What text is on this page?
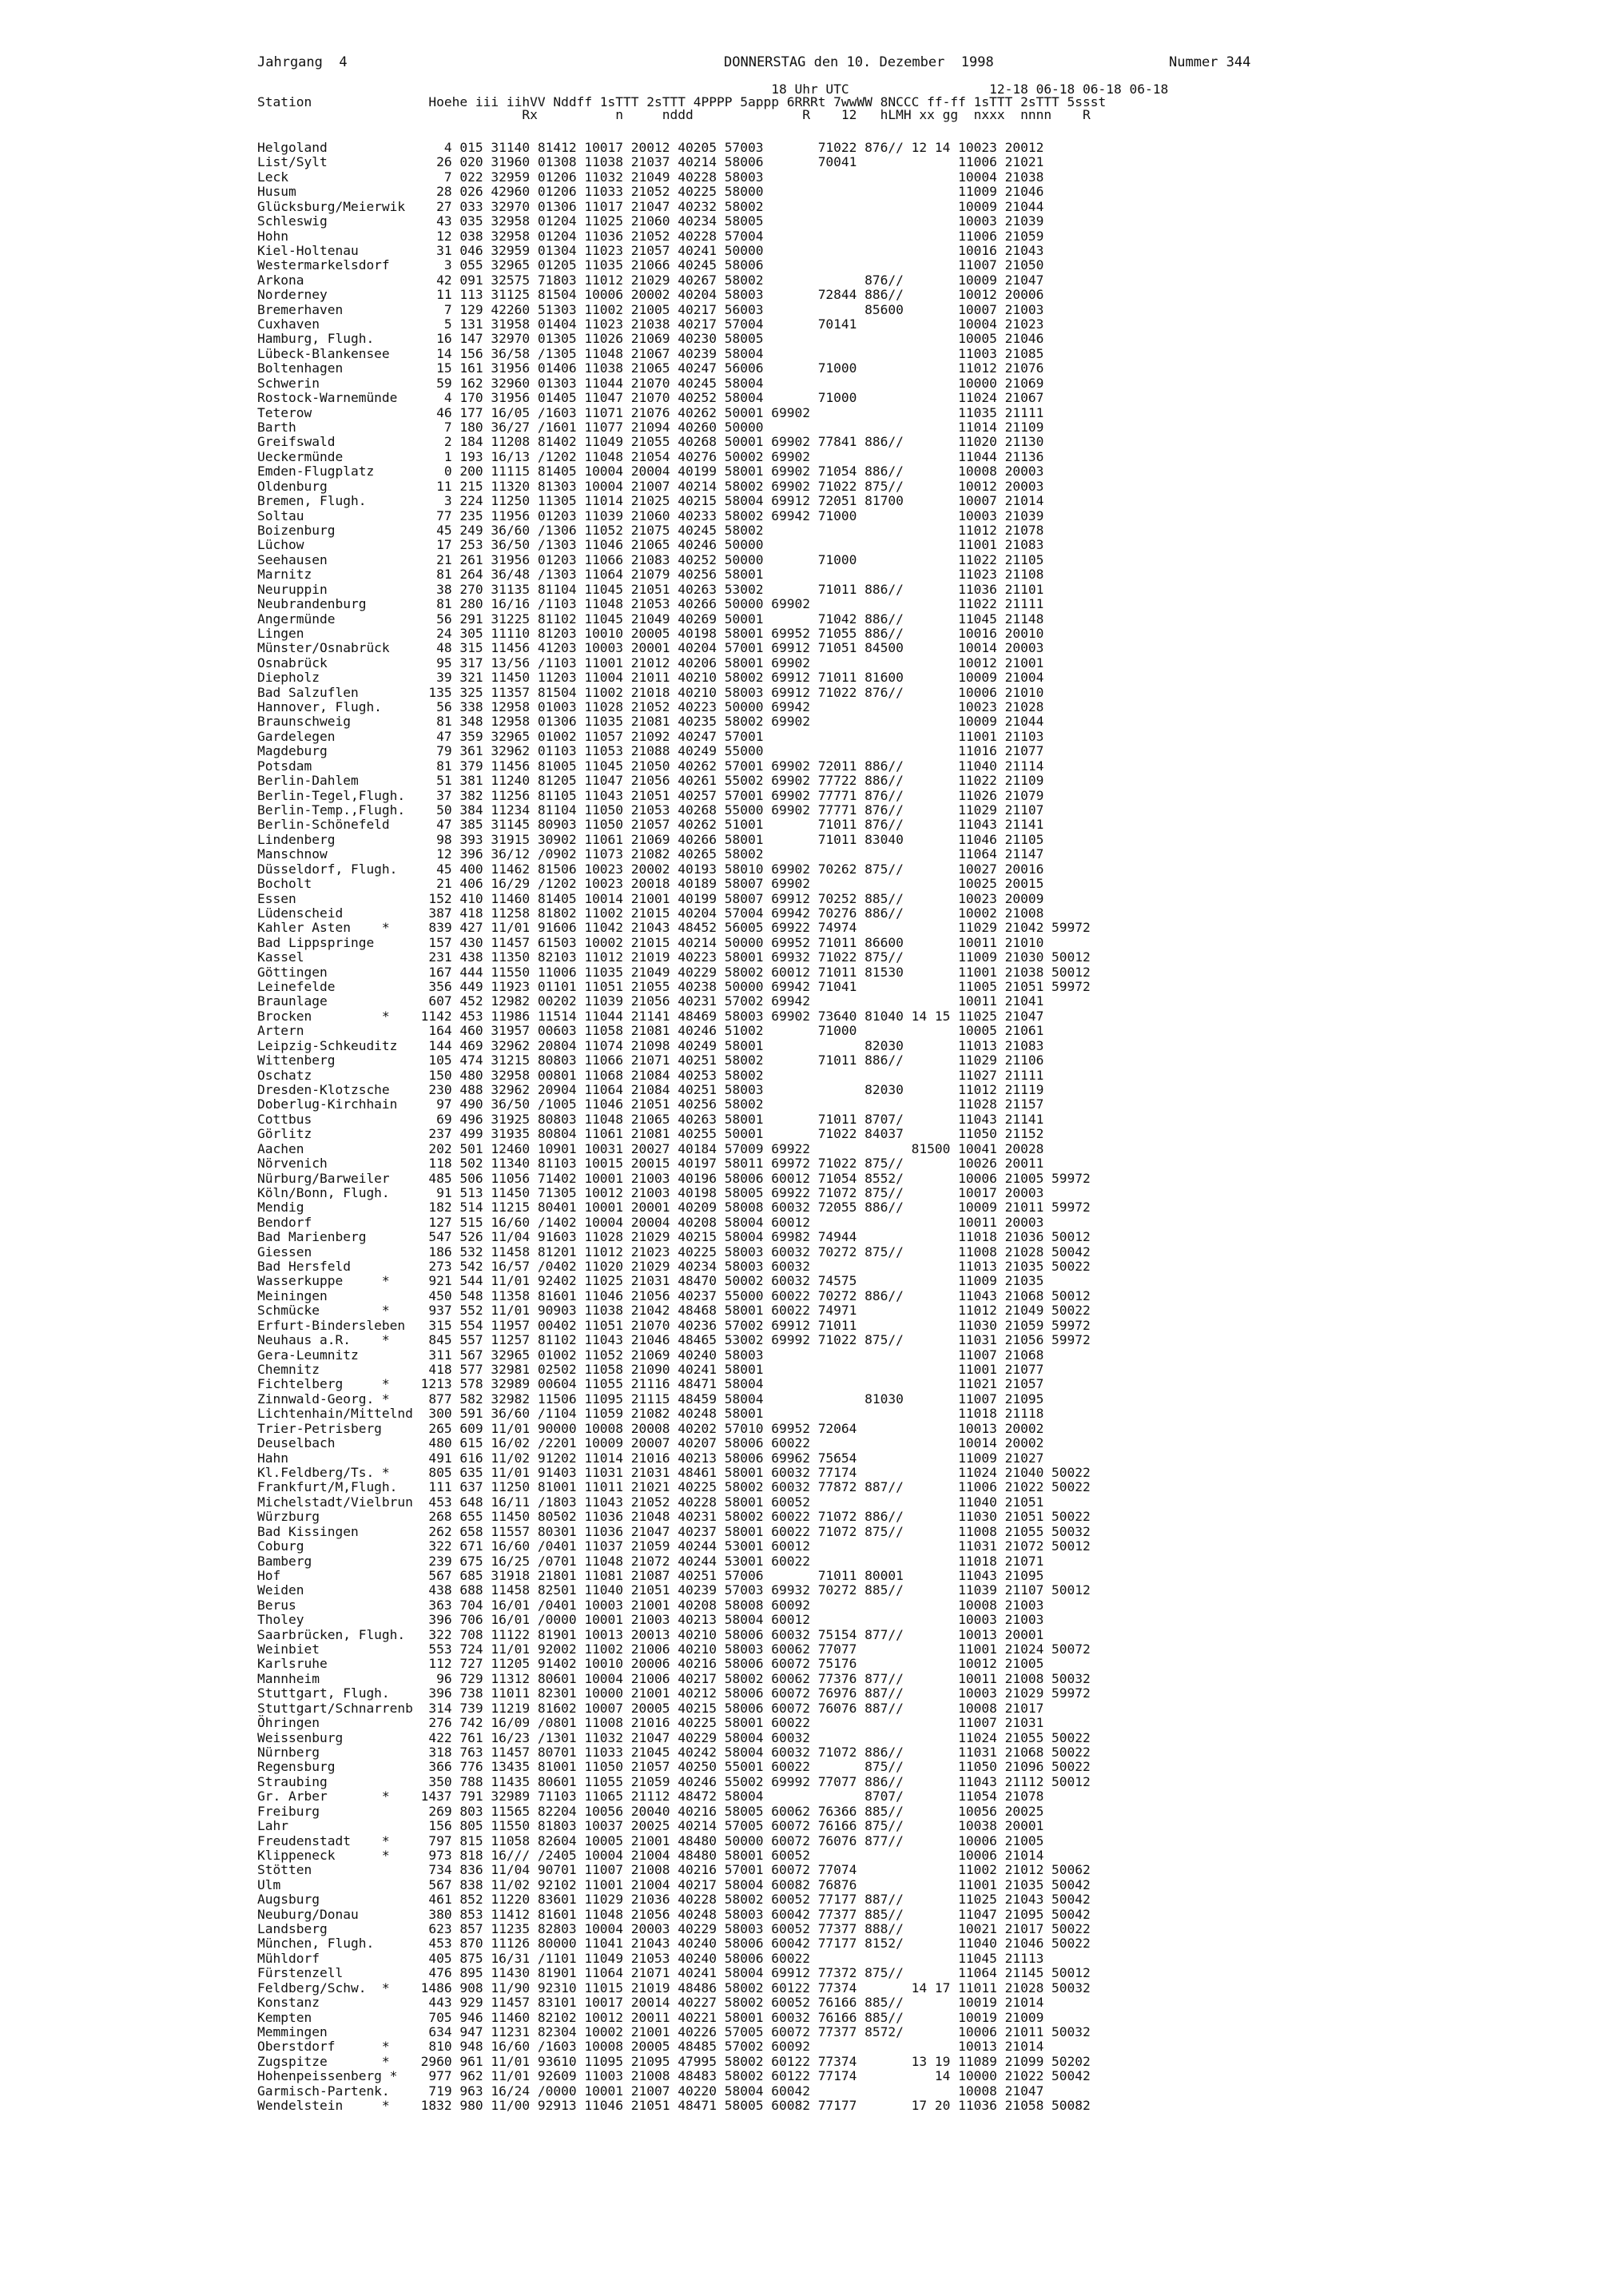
Jahrgang  4	DONNERSTAG den 10. Dezember  1998	Nummer 344
18 Uhr UTC                  12-18 06-18 06-18 06-18
Station               Hoehe iii iihVV Nddff 1sTTT 2sTTT 4PPPP 5appp 6RRRt 7wwWW 8NCCC ff-ff 1sTTT 2sTTT 5ssst
Rx          n     nddd              R    12   hLMH xx gg  nxxx  nnnn    R
Helgoland               4 015 31140 81412 10017 20012 40205 57003       71022 876// 12 14 10023 20012
List/Sylt              26 020 31960 01308 11038 21037 40214 58006       70041             11006 21021
Leck                    7 022 32959 01206 11032 21049 40228 58003                         10004 21038
Husum                  28 026 42960 01206 11033 21052 40225 58000                         11009 21046
Glücksburg/Meierwik    27 033 32970 01306 11017 21047 40232 58002                         10009 21044
Schleswig              43 035 32958 01204 11025 21060 40234 58005                         10003 21039
Hohn                   12 038 32958 01204 11036 21052 40228 57004                         11006 21059
Kiel-Holtenau          31 046 32959 01304 11023 21057 40241 50000                         10016 21043
Westermarkelsdorf       3 055 32965 01205 11035 21066 40245 58006                         11007 21050
Arkona                 42 091 32575 71803 11012 21029 40267 58002             876//       10009 21047
Norderney              11 113 31125 81504 10006 20002 40204 58003       72844 886//       10012 20006
Bremerhaven             7 129 42260 51303 11002 21005 40217 56003             85600       10007 21003
Cuxhaven                5 131 31958 01404 11023 21038 40217 57004       70141             10004 21023
Hamburg, Flugh.        16 147 32970 01305 11026 21069 40230 58005                         10005 21046
Lübeck-Blankensee      14 156 36/58 /1305 11048 21067 40239 58004                         11003 21085
Boltenhagen            15 161 31956 01406 11038 21065 40247 56006       71000             11012 21076
Schwerin               59 162 32960 01303 11044 21070 40245 58004                         10000 21069
Rostock-Warnemünde      4 170 31956 01405 11047 21070 40252 58004       71000             11024 21067
Teterow                46 177 16/05 /1603 11071 21076 40262 50001 69902                   11035 21111
Barth                   7 180 36/27 /1601 11077 21094 40260 50000                         11014 21109
Greifswald              2 184 11208 81402 11049 21055 40268 50001 69902 77841 886//       11020 21130
Ueckermünde             1 193 16/13 /1202 11048 21054 40276 50002 69902                   11044 21136
Emden-Flugplatz         0 200 11115 81405 10004 20004 40199 58001 69902 71054 886//       10008 20003
Oldenburg              11 215 11320 81303 10004 21007 40214 58002 69902 71022 875//       10012 20003
Bremen, Flugh.          3 224 11250 11305 11014 21025 40215 58004 69912 72051 81700       10007 21014
Soltau                 77 235 11956 01203 11039 21060 40233 58002 69942 71000             10003 21039
Boizenburg             45 249 36/60 /1306 11052 21075 40245 58002                         11012 21078
Lüchow                 17 253 36/50 /1303 11046 21065 40246 50000                         11001 21083
Seehausen              21 261 31956 01203 11066 21083 40252 50000       71000             11022 21105
Marnitz                81 264 36/48 /1303 11064 21079 40256 58001                         11023 21108
Neuruppin              38 270 31135 81104 11045 21051 40263 53002       71011 886//       11036 21101
Neubrandenburg         81 280 16/16 /1103 11048 21053 40266 50000 69902                   11022 21111
Angermünde             56 291 31225 81102 11045 21049 40269 50001       71042 886//       11045 21148
Lingen                 24 305 11110 81203 10010 20005 40198 58001 69952 71055 886//       10016 20010
Münster/Osnabrück      48 315 11456 41203 10003 20001 40204 57001 69912 71051 84500       10014 20003
Osnabrück              95 317 13/56 /1103 11001 21012 40206 58001 69902                   10012 21001
Diepholz               39 321 11450 11203 11004 21011 40210 58002 69912 71011 81600       10009 21004
Bad Salzuflen         135 325 11357 81504 11002 21018 40210 58003 69912 71022 876//       10006 21010
Hannover, Flugh.       56 338 12958 01003 11028 21052 40223 50000 69942                   10023 21028
Braunschweig           81 348 12958 01306 11035 21081 40235 58002 69902                   10009 21044
Gardelegen             47 359 32965 01002 11057 21092 40247 57001                         11001 21103
Magdeburg              79 361 32962 01103 11053 21088 40249 55000                         11016 21077
Potsdam                81 379 11456 81005 11045 21050 40262 57001 69902 72011 886//       11040 21114
Berlin-Dahlem          51 381 11240 81205 11047 21056 40261 55002 69902 77722 886//       11022 21109
Berlin-Tegel,Flugh.    37 382 11256 81105 11043 21051 40257 57001 69902 77771 876//       11026 21079
Berlin-Temp.,Flugh.    50 384 11234 81104 11050 21053 40268 55000 69902 77771 876//       11029 21107
Berlin-Schönefeld      47 385 31145 80903 11050 21057 40262 51001       71011 876//       11043 21141
Lindenberg             98 393 31915 30902 11061 21069 40266 58001       71011 83040       11046 21105
Manschnow              12 396 36/12 /0902 11073 21082 40265 58002                         11064 21147
Düsseldorf, Flugh.     45 400 11462 81506 10023 20002 40193 58010 69902 70262 875//       10027 20016
Bocholt                21 406 16/29 /1202 10023 20018 40189 58007 69902                   10025 20015
Essen                 152 410 11460 81405 10014 21001 40199 58007 69912 70252 885//       10023 20009
Lüdenscheid           387 418 11258 81802 11002 21015 40204 57004 69942 70276 886//       10002 21008
Kahler Asten    *     839 427 11/01 91606 11042 21043 48452 56005 69922 74974             11029 21042 59972
Bad Lippspringe       157 430 11457 61503 10002 21015 40214 50000 69952 71011 86600       10011 21010
Kassel                231 438 11350 82103 11012 21019 40223 58001 69932 71022 875//       11009 21030 50012
Göttingen             167 444 11550 11006 11035 21049 40229 58002 60012 71011 81530       11001 21038 50012
Leinefelde            356 449 11923 01101 11051 21055 40238 50000 69942 71041             11005 21051 59972
Braunlage             607 452 12982 00202 11039 21056 40231 57002 69942                   10011 21041
Brocken         *    1142 453 11986 11514 11044 21141 48469 58003 69902 73640 81040 14 15 11025 21047
Artern                164 460 31957 00603 11058 21081 40246 51002       71000             10005 21061
Leipzig-Schkeuditz    144 469 32962 20804 11074 21098 40249 58001             82030       11013 21083
Wittenberg            105 474 31215 80803 11066 21071 40251 58002       71011 886//       11029 21106
Oschatz               150 480 32958 00801 11068 21084 40253 58002                         11027 21111
Dresden-Klotzsche     230 488 32962 20904 11064 21084 40251 58003             82030       11012 21119
Doberlug-Kirchhain     97 490 36/50 /1005 11046 21051 40256 58002                         11028 21157
Cottbus                69 496 31925 80803 11048 21065 40263 58001       71011 8707/       11043 21141
Görlitz               237 499 31935 80804 11061 21081 40255 50001       71022 84037       11050 21152
Aachen                202 501 12460 10901 10031 20027 40184 57009 69922             81500 10041 20028
Nörvenich             118 502 11340 81103 10015 20015 40197 58011 69972 71022 875//       10026 20011
Nürburg/Barweiler     485 506 11056 71402 10001 21003 40196 58006 60012 71054 8552/       10006 21005 59972
Köln/Bonn, Flugh.      91 513 11450 71305 10012 21003 40198 58005 69922 71072 875//       10017 20003
Mendig                182 514 11215 80401 10001 20001 40209 58008 60032 72055 886//       10009 21011 59972
Bendorf               127 515 16/60 /1402 10004 20004 40208 58004 60012                   10011 20003
Bad Marienberg        547 526 11/04 91603 11028 21029 40215 58004 69982 74944             11018 21036 50012
Giessen               186 532 11458 81201 11012 21023 40225 58003 60032 70272 875//       11008 21028 50042
Bad Hersfeld          273 542 16/57 /0402 11020 21029 40234 58003 60032                   11013 21035 50022
Wasserkuppe     *     921 544 11/01 92402 11025 21031 48470 50002 60032 74575             11009 21035
Meiningen             450 548 11358 81601 11046 21056 40237 55000 60022 70272 886//       11043 21068 50012
Schmücke        *     937 552 11/01 90903 11038 21042 48468 58001 60022 74971             11012 21049 50022
Erfurt-Bindersleben   315 554 11957 00402 11051 21070 40236 57002 69912 71011             11030 21059 59972
Neuhaus a.R.    *     845 557 11257 81102 11043 21046 48465 53002 69992 71022 875//       11031 21056 59972
Gera-Leumnitz         311 567 32965 01002 11052 21069 40240 58003                         11007 21068
Chemnitz              418 577 32981 02502 11058 21090 40241 58001                         11001 21077
Fichtelberg     *    1213 578 32989 00604 11055 21116 48471 58004                         11021 21057
Zinnwald-Georg. *     877 582 32982 11506 11095 21115 48459 58004             81030       11007 21095
Lichtenhain/Mittelnd  300 591 36/60 /1104 11059 21082 40248 58001                         11018 21118
Trier-Petrisberg      265 609 11/01 90000 10008 20008 40202 57010 69952 72064             10013 20002
Deuselbach            480 615 16/02 /2201 10009 20007 40207 58006 60022                   10014 20002
Hahn                  491 616 11/02 91202 11014 21016 40213 58006 69962 75654             11009 21027
Kl.Feldberg/Ts. *     805 635 11/01 91403 11031 21031 48461 58001 60032 77174             11024 21040 50022
Frankfurt/M,Flugh.    111 637 11250 81001 11011 21021 40225 58002 60032 77872 887//       11006 21022 50022
Michelstadt/Vielbrun  453 648 16/11 /1803 11043 21052 40228 58001 60052                   11040 21051
Würzburg              268 655 11450 80502 11036 21048 40231 58002 60022 71072 886//       11030 21051 50022
Bad Kissingen         262 658 11557 80301 11036 21047 40237 58001 60022 71072 875//       11008 21055 50032
Coburg                322 671 16/60 /0401 11037 21059 40244 53001 60012                   11031 21072 50012
Bamberg               239 675 16/25 /0701 11048 21072 40244 53001 60022                   11018 21071
Hof                   567 685 31918 21801 11081 21087 40251 57006       71011 80001       11043 21095
Weiden                438 688 11458 82501 11040 21051 40239 57003 69932 70272 885//       11039 21107 50012
Berus                 363 704 16/01 /0401 10003 21001 40208 58008 60092                   10008 21003
Tholey                396 706 16/01 /0000 10001 21003 40213 58004 60012                   10003 21003
Saarbrücken, Flugh.   322 708 11122 81901 10013 20013 40210 58006 60032 75154 877//       10013 20001
Weinbiet              553 724 11/01 92002 11002 21006 40210 58003 60062 77077             11001 21024 50072
Karlsruhe             112 727 11205 91402 10010 20006 40216 58006 60072 75176             10012 21005
Mannheim               96 729 11312 80601 10004 21006 40217 58002 60062 77376 877//       10011 21008 50032
Stuttgart, Flugh.     396 738 11011 82301 10000 21001 40212 58006 60072 76976 887//       10003 21029 59972
Stuttgart/Schnarrenb  314 739 11219 81602 10007 20005 40215 58006 60072 76076 887//       10008 21017
Öhringen              276 742 16/09 /0801 11008 21016 40225 58001 60022                   11007 21031
Weissenburg           422 761 16/23 /1301 11032 21047 40229 58004 60032                   11024 21055 50022
Nürnberg              318 763 11457 80701 11033 21045 40242 58004 60032 71072 886//       11031 21068 50022
Regensburg            366 776 13435 81001 11050 21057 40250 55001 60022       875//       11050 21096 50022
Straubing             350 788 11435 80601 11055 21059 40246 55002 69992 77077 886//       11043 21112 50012
Gr. Arber       *    1437 791 32989 71103 11065 21112 48472 58004             8707/       11054 21078
Freiburg              269 803 11565 82204 10056 20040 40216 58005 60062 76366 885//       10056 20025
Lahr                  156 805 11550 81803 10037 20025 40214 57005 60072 76166 875//       10038 20001
Freudenstadt    *     797 815 11058 82604 10005 21001 48480 50000 60072 76076 877//       10006 21005
Klippeneck      *     973 818 16/// /2405 10004 21004 48480 58001 60052                   10006 21014
Stötten               734 836 11/04 90701 11007 21008 40216 57001 60072 77074             11002 21012 50062
Ulm                   567 838 11/02 92102 11001 21004 40217 58004 60082 76876             11001 21035 50042
Augsburg              461 852 11220 83601 11029 21036 40228 58002 60052 77177 887//       11025 21043 50042
Neuburg/Donau         380 853 11412 81601 11048 21056 40248 58003 60042 77377 885//       11047 21095 50042
Landsberg             623 857 11235 82803 10004 20003 40229 58003 60052 77377 888//       10021 21017 50022
München, Flugh.       453 870 11126 80000 11041 21043 40240 58006 60042 77177 8152/       11040 21046 50022
Mühldorf              405 875 16/31 /1101 11049 21053 40240 58006 60022                   11045 21113
Fürstenzell           476 895 11430 81901 11064 21071 40241 58004 69912 77372 875//       11064 21145 50012
Feldberg/Schw.  *    1486 908 11/90 92310 11015 21019 48486 58002 60122 77374       14 17 11011 21028 50032
Konstanz              443 929 11457 83101 10017 20014 40227 58002 60052 76166 885//       10019 21014
Kempten               705 946 11460 82102 10012 20011 40221 58001 60032 76166 885//       10019 21009
Memmingen             634 947 11231 82304 10002 21001 40226 57005 60072 77377 8572/       10006 21011 50032
Oberstdorf      *     810 948 16/60 /1603 10008 20005 48485 57002 60092                   10013 21014
Zugspitze       *    2960 961 11/01 93610 11095 21095 47995 58002 60122 77374       13 19 11089 21099 50202
Hohenpeissenberg *    977 962 11/01 92609 11003 21008 48483 58002 60122 77174          14 10000 21022 50042
Garmisch-Partenk.     719 963 16/24 /0000 10001 21007 40220 58004 60042                   10008 21047
Wendelstein     *    1832 980 11/00 92913 11046 21051 48471 58005 60082 77177       17 20 11036 21058 50082
